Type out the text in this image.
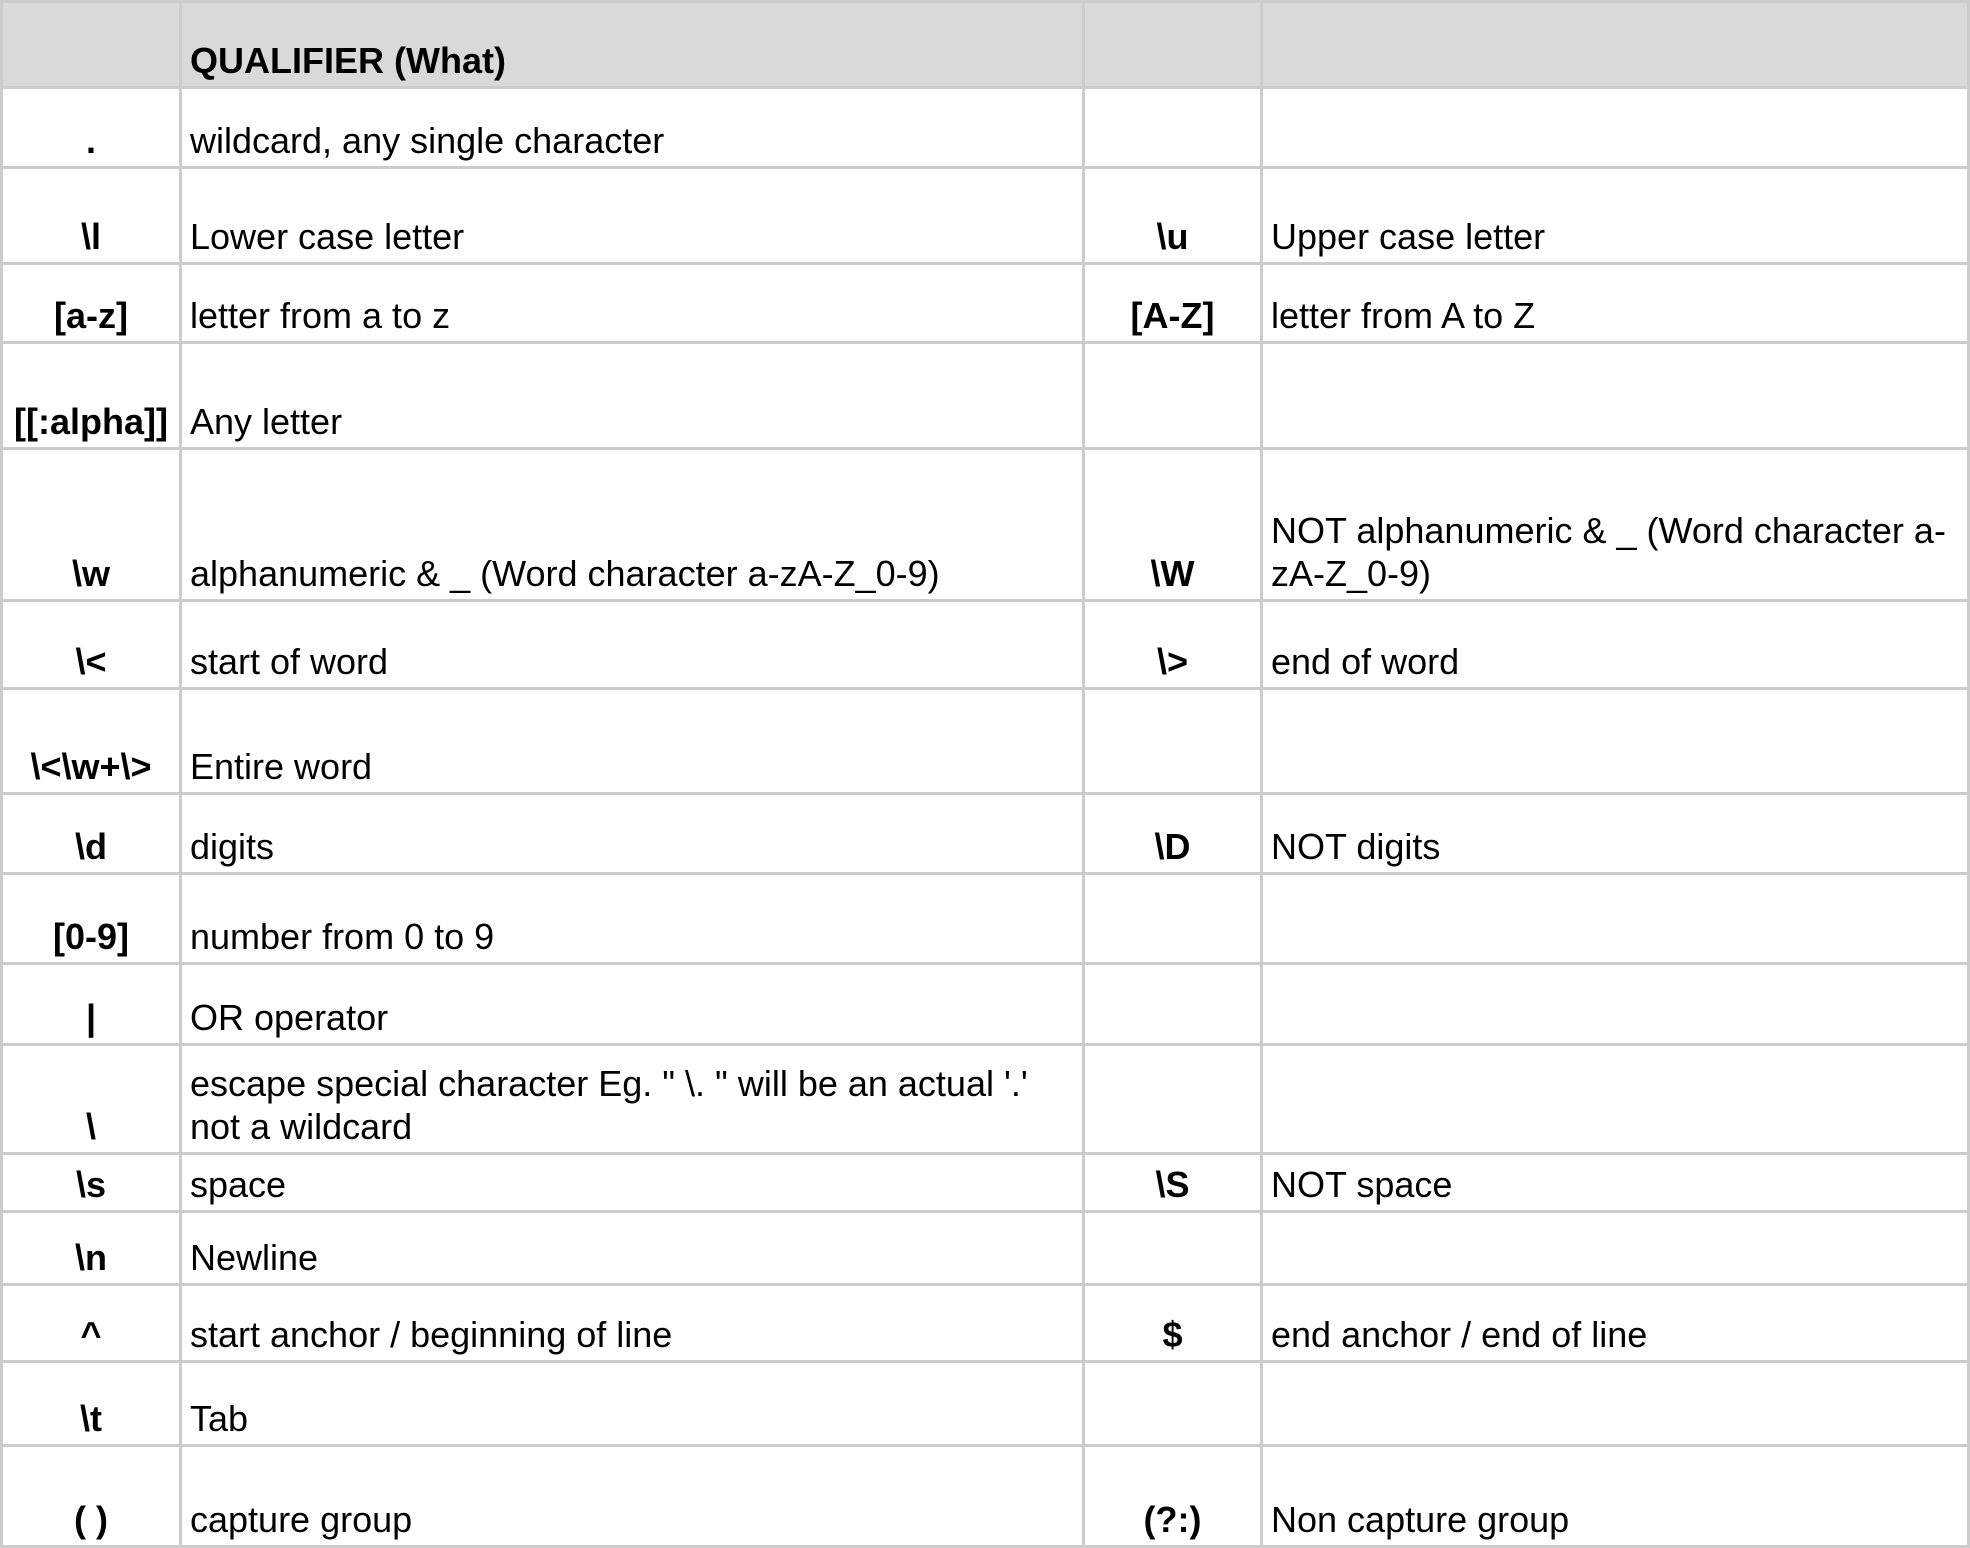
	QUALIFIER (What)		
.	wildcard, any single character		
\l	Lower case letter	\u	Upper case letter
[a-z]	letter from a to z	[A-Z]	letter from A to Z
[[:alpha]]	Any letter		
\w	alphanumeric & _ (Word character a-zA-Z_0-9)	\W	NOT alphanumeric & _ (Word character a-zA-Z_0-9)
\<	start of word	\>	end of word
\<\w+\>	Entire word		
\d	digits	\D	NOT digits
[0-9]	number from 0 to 9		
|	OR operator		
\	escape special character Eg. " \. " will be an actual '.' not a wildcard		
\s	space	\S	NOT space
\n	Newline		
^	start anchor / beginning of line	$	end anchor / end of line
\t	Tab		
( )	capture group	(?:)	Non capture group
